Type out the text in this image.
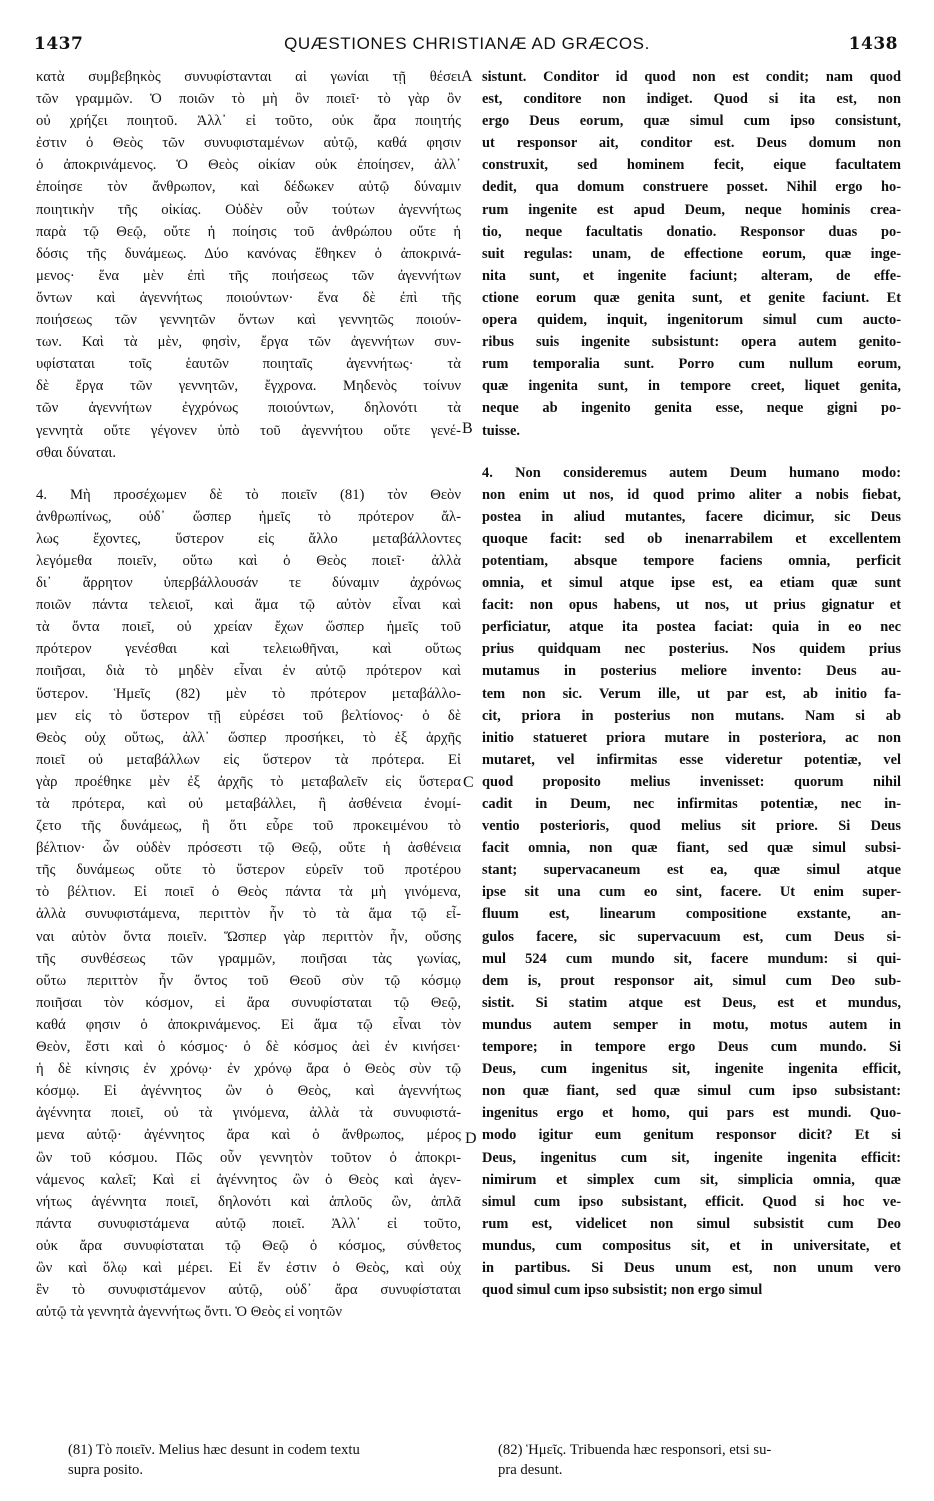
1437	QUÆSTIONES CHRISTIANÆ AD GRÆCOS.	1438
κατὰ συμβεβηκὸς συνυφίστανται αἱ γωνίαι τῇ θέσει
τῶν γραμμῶν. Ὁ ποιῶν τὸ μὴ ὂν ποιεῖ· τὸ γὰρ ὂν
οὐ χρήζει ποιητοῦ. Ἀλλ᾽ εἰ τοῦτο, οὐκ ἄρα ποιητής
ἐστιν ὁ Θεὸς τῶν συνυφισταμένων αὐτῷ, καθά φησιν
ὁ ἀποκρινάμενος. Ὁ Θεὸς οἰκίαν οὐκ ἐποίησεν, ἀλλ᾽
ἐποίησε τὸν ἄνθρωπον, καὶ δέδωκεν αὐτῷ δύναμιν
ποιητικὴν τῆς οἰκίας. Οὐδὲν οὖν τούτων ἀγεννήτως
παρὰ τῷ Θεῷ, οὔτε ἡ ποίησις τοῦ ἀνθρώπου οὔτε ἡ
δόσις τῆς δυνάμεως. Δύο κανόνας ἔθηκεν ὁ ἀποκρινά-
μενος· ἕνα μὲν ἐπὶ τῆς ποιήσεως τῶν ἀγεννήτων
ὄντων καὶ ἀγεννήτως ποιούντων· ἕνα δὲ ἐπὶ τῆς
ποιήσεως τῶν γεννητῶν ὄντων καὶ γεννητῶς ποιούν-
των. Καὶ τὰ μὲν, φησὶν, ἔργα τῶν ἀγεννήτων συν-
υφίσταται τοῖς ἑαυτῶν ποιηταῖς ἀγεννήτως· τὰ
δὲ ἔργα τῶν γεννητῶν, ἔγχρονα. Μηδενὸς τοίνυν
τῶν ἀγεννήτων ἐγχρόνως ποιούντων, δηλονότι τὰ
γεννητὰ οὔτε γέγονεν ὑπὸ τοῦ ἀγεννήτου οὔτε γενέ-
σθαι δύναται.
4. Μὴ προσέχωμεν δὲ τὸ ποιεῖν (81) τὸν Θεὸν
ἀνθρωπίνως, οὐδ᾽ ὥσπερ ἡμεῖς τὸ πρότερον ἄλ-
λως ἔχοντες, ὕστερον εἰς ἄλλο μεταβάλλοντες
λεγόμεθα ποιεῖν, οὕτω καὶ ὁ Θεὸς ποιεῖ· ἀλλὰ
δι᾽ ἄρρητον ὑπερβάλλουσάν τε δύναμιν ἀχρόνως
ποιῶν πάντα τελειοῖ, καὶ ἅμα τῷ αὐτὸν εἶναι καὶ
τὰ ὄντα ποιεῖ, οὐ χρείαν ἔχων ὥσπερ ἡμεῖς τοῦ
πρότερον γενέσθαι καὶ τελειωθῆναι, καὶ οὕτως
ποιῆσαι, διὰ τὸ μηδὲν εἶναι ἐν αὐτῷ πρότερον καὶ
ὕστερον. Ἡμεῖς (82) μὲν τὸ πρότερον μεταβάλλο-
μεν εἰς τὸ ὕστερον τῇ εὑρέσει τοῦ βελτίονος· ὁ δὲ
Θεὸς οὐχ οὕτως, ἀλλ᾽ ὥσπερ προσήκει, τὸ ἐξ ἀρχῆς
ποιεῖ οὐ μεταβάλλων εἰς ὕστερον τὰ πρότερα. Εἰ
γὰρ προέθηκε μὲν ἐξ ἀρχῆς τὸ μεταβαλεῖν εἰς ὕστερα
τὰ πρότερα, καὶ οὐ μεταβάλλει, ἢ ἀσθένεια ἐνομί-
ζετο τῆς δυνάμεως, ἢ ὅτι εὗρε τοῦ προκειμένου τὸ
βέλτιον· ὧν οὐδὲν πρόσεστι τῷ Θεῷ, οὔτε ἡ ἀσθένεια
τῆς δυνάμεως οὔτε τὸ ὕστερον εὑρεῖν τοῦ προτέρου
τὸ βέλτιον. Εἰ ποιεῖ ὁ Θεὸς πάντα τὰ μὴ γινόμενα,
ἀλλὰ συνυφιστάμενα, περιττὸν ἦν τὸ τὰ ἅμα τῷ εἶ-
ναι αὐτὸν ὄντα ποιεῖν. Ὥσπερ γὰρ περιττὸν ἦν, οὔσης
τῆς συνθέσεως τῶν γραμμῶν, ποιῆσαι τὰς γωνίας,
οὕτω περιττὸν ἦν ὄντος τοῦ Θεοῦ σὺν τῷ κόσμῳ
ποιῆσαι τὸν κόσμον, εἰ ἄρα συνυφίσταται τῷ Θεῷ,
καθά φησιν ὁ ἀποκρινάμενος. Εἰ ἅμα τῷ εἶναι τὸν
Θεὸν, ἔστι καὶ ὁ κόσμος· ὁ δὲ κόσμος ἀεὶ ἐν κινήσει·
ἡ δὲ κίνησις ἐν χρόνῳ· ἐν χρόνῳ ἄρα ὁ Θεὸς σὺν τῷ
κόσμῳ. Εἰ ἀγέννητος ὢν ὁ Θεὸς, καὶ ἀγεννήτως
ἀγέννητα ποιεῖ, οὐ τὰ γινόμενα, ἀλλὰ τὰ συνυφιστά-
μενα αὐτῷ· ἀγέννητος ἄρα καὶ ὁ ἄνθρωπος, μέρος
ὢν τοῦ κόσμου. Πῶς οὖν γεννητὸν τοῦτον ὁ ἀποκρι-
νάμενος καλεῖ; Καὶ εἰ ἀγέννητος ὢν ὁ Θεὸς καὶ ἀγεν-
νήτως ἀγέννητα ποιεῖ, δηλονότι καὶ ἁπλοῦς ὢν, ἁπλᾶ
πάντα συνυφιστάμενα αὐτῷ ποιεῖ. Ἀλλ᾽ εἰ τοῦτο,
οὐκ ἄρα συνυφίσταται τῷ Θεῷ ὁ κόσμος, σύνθετος
ὢν καὶ ὅλῳ καὶ μέρει. Εἰ ἕν ἐστιν ὁ Θεὸς, καὶ οὐχ
ἓν τὸ συνυφιστάμενον αὐτῷ, οὐδ᾽ ἄρα συνυφίσταται
αὐτῷ τὰ γεννητὰ ἀγεννήτως ὄντι. Ὁ Θεὸς εἰ νοητῶν
sistunt. Conditor id quod non est condit; nam quod
est, conditore non indiget. Quod si ita est, non
ergo Deus eorum, quæ simul cum ipso consistunt,
ut responsor ait, conditor est. Deus domum non
construxit, sed hominem fecit, eique facultatem
dedit, qua domum construere posset. Nihil ergo ho-
rum ingenite est apud Deum, neque hominis crea-
tio, neque facultatis donatio. Responsor duas po-
suit regulas: unam, de effectione eorum, quæ inge-
nita sunt, et ingenite faciunt; alteram, de effe-
ctione eorum quæ genita sunt, et genite faciunt. Et
opera quidem, inquit, ingenitorum simul cum aucto-
ribus suis ingenite subsistunt: opera autem genito-
rum temporalia sunt. Porro cum nullum eorum,
quæ ingenita sunt, in tempore creet, liquet genita,
neque ab ingenito genita esse, neque gigni po-
tuisse.
4. Non consideremus autem Deum humano modo:
non enim ut nos, id quod primo aliter a nobis fiebat,
postea in aliud mutantes, facere dicimur, sic Deus
quoque facit: sed ob inenarrabilem et excellentem
potentiam, absque tempore faciens omnia, perficit
omnia, et simul atque ipse est, ea etiam quæ sunt
facit: non opus habens, ut nos, ut prius gignatur et
perficiatur, atque ita postea faciat: quia in eo nec
prius quidquam nec posterius. Nos quidem prius
mutamus in posterius meliore invento: Deus au-
tem non sic. Verum ille, ut par est, ab initio fa-
cit, priora in posterius non mutans. Nam si ab
initio statueret priora mutare in posteriora, ac non
mutaret, vel infirmitas esse videretur potentiæ, vel
quod proposito melius invenisset: quorum nihil
cadit in Deum, nec infirmitas potentiæ, nec in-
ventio posterioris, quod melius sit priore. Si Deus
facit omnia, non quæ fiant, sed quæ simul subsi-
stant; supervacaneum est ea, quæ simul atque
ipse sit una cum eo sint, facere. Ut enim super-
fluum est, linearum compositione exstante, an-
gulos facere, sic supervacuum est, cum Deus si-
mul 524 cum mundo sit, facere mundum: si qui-
dem is, prout responsor ait, simul cum Deo sub-
sistit. Si statim atque est Deus, est et mundus,
mundus autem semper in motu, motus autem in
tempore; in tempore ergo Deus cum mundo. Si
Deus, cum ingenitus sit, ingenite ingenita efficit,
non quæ fiant, sed quæ simul cum ipso subsistant:
ingenitus ergo et homo, qui pars est mundi. Quo-
modo igitur eum genitum responsor dicit? Et si
Deus, ingenitus cum sit, ingenite ingenita efficit:
nimirum et simplex cum sit, simplicia omnia, quæ
simul cum ipso subsistant, efficit. Quod si hoc ve-
rum est, videlicet non simul subsistit cum Deo
mundus, cum compositus sit, et in universitate, et
in partibus. Si Deus unum est, non unum vero
quod simul cum ipso subsistit; non ergo simul
A
B
C
D
(81) Τὸ ποιεῖν. Melius hæc desunt in codem textu
supra posito.
(82) Ἡμεῖς. Tribuenda hæc responsori, etsi su-
pra desunt.
